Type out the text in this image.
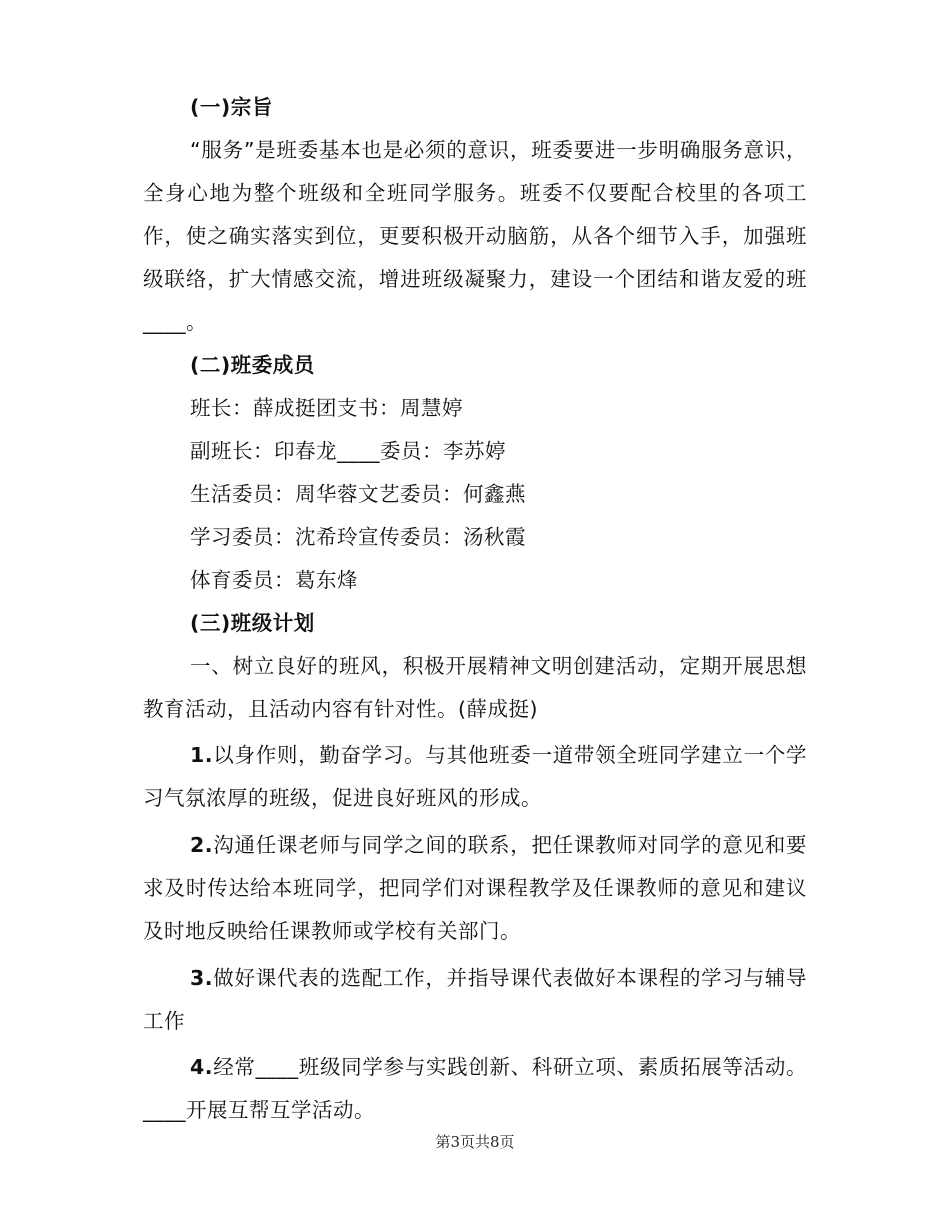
(一)宗旨

“服务”是班委基本也是必须的意识，班委要进一步明确服务意识，全身心地为整个班级和全班同学服务。班委不仅要配合校里的各项工作，使之确实落实到位，更要积极开动脑筋，从各个细节入手，加强班级联络，扩大情感交流，增进班级凝聚力，建设一个团结和谐友爱的班____。

(二)班委成员
班长：薛成挺团支书：周慧婷
副班长：印春龙____委员：李苏婷
生活委员：周华蓉文艺委员：何鑫燕
学习委员：沈希玲宣传委员：汤秋霞
体育委员：葛东烽
(三)班级计划

一、树立良好的班风，积极开展精神文明创建活动，定期开展思想教育活动，且活动内容有针对性。(薛成挺)

1.以身作则，勤奋学习。与其他班委一道带领全班同学建立一个学习气氛浓厚的班级，促进良好班风的形成。

2.沟通任课老师与同学之间的联系，把任课教师对同学的意见和要求及时传达给本班同学，把同学们对课程教学及任课教师的意见和建议及时地反映给任课教师或学校有关部门。

3.做好课代表的选配工作，并指导课代表做好本课程的学习与辅导工作

4.经常____班级同学参与实践创新、科研立项、素质拓展等活动。____开展互帮互学活动。

第3页共8页
